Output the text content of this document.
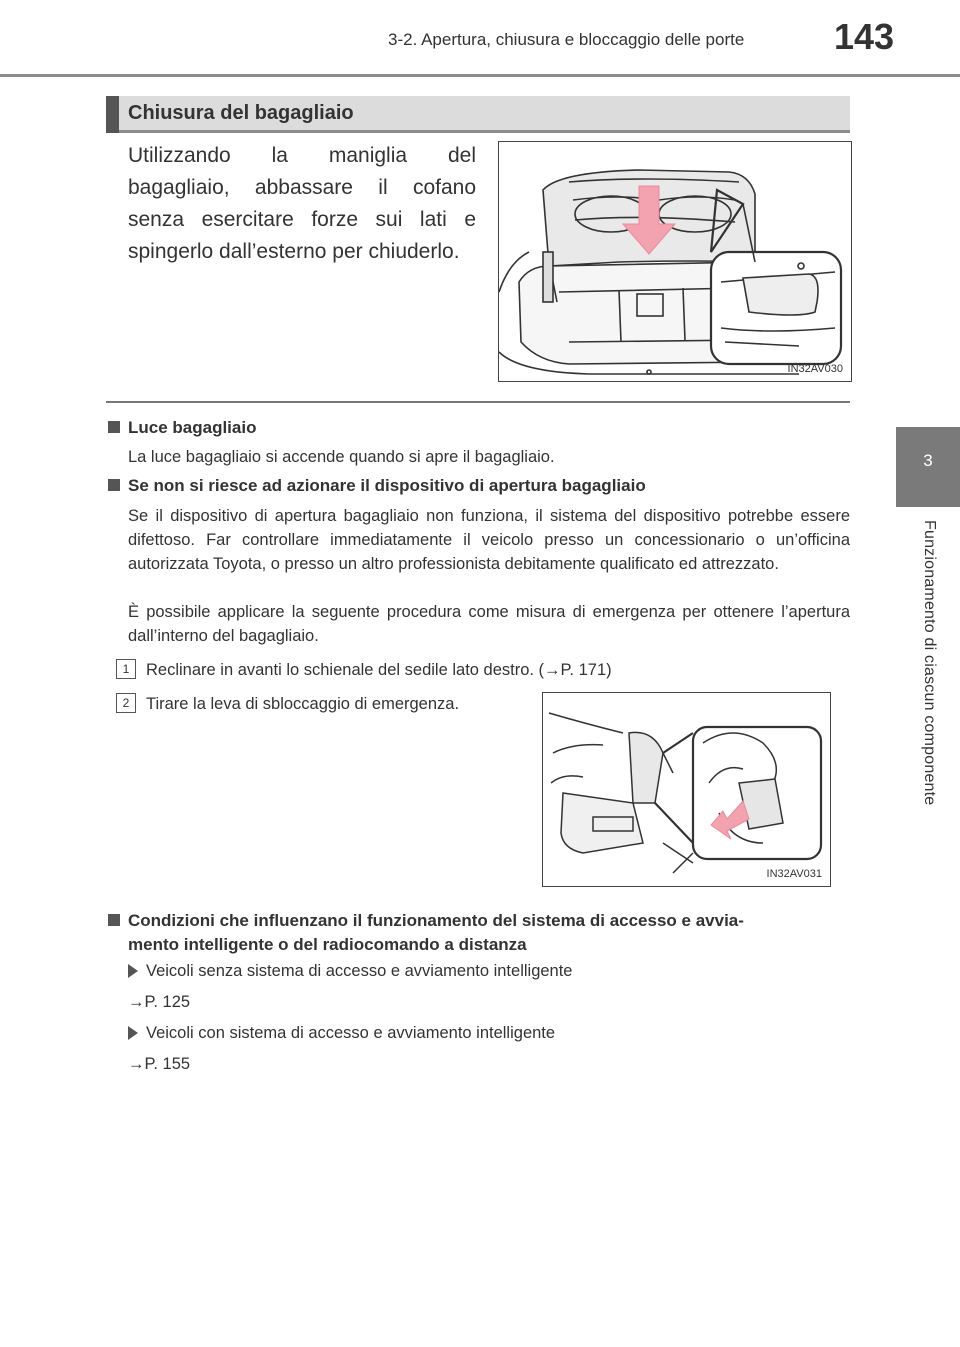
3-2. Apertura, chiusura e bloccaggio delle porte 143
3
Funzionamento di ciascun componente
Chiusura del bagagliaio
Utilizzando la maniglia del bagagliaio, abbassare il cofano senza esercitare forze sui lati e spingerlo dall’esterno per chiuderlo.
IN32AV030
Luce bagagliaio
La luce bagagliaio si accende quando si apre il bagagliaio.
Se non si riesce ad azionare il dispositivo di apertura bagagliaio
Se il dispositivo di apertura bagagliaio non funziona, il sistema del dispositivo potrebbe essere difettoso. Far controllare immediatamente il veicolo presso un concessionario o un’officina autorizzata Toyota, o presso un altro professionista debitamente qualificato ed attrezzato.
È possibile applicare la seguente procedura come misura di emergenza per ottenere l’apertura dall’interno del bagagliaio.
1	Reclinare in avanti lo schienale del sedile lato destro. (→P. 171)
2	Tirare la leva di sbloccaggio di emergenza.
IN32AV031
Condizioni che influenzano il funzionamento del sistema di accesso e avvia-
mento intelligente o del radiocomando a distanza
Veicoli senza sistema di accesso e avviamento intelligente
→P. 125
Veicoli con sistema di accesso e avviamento intelligente
→P. 155
